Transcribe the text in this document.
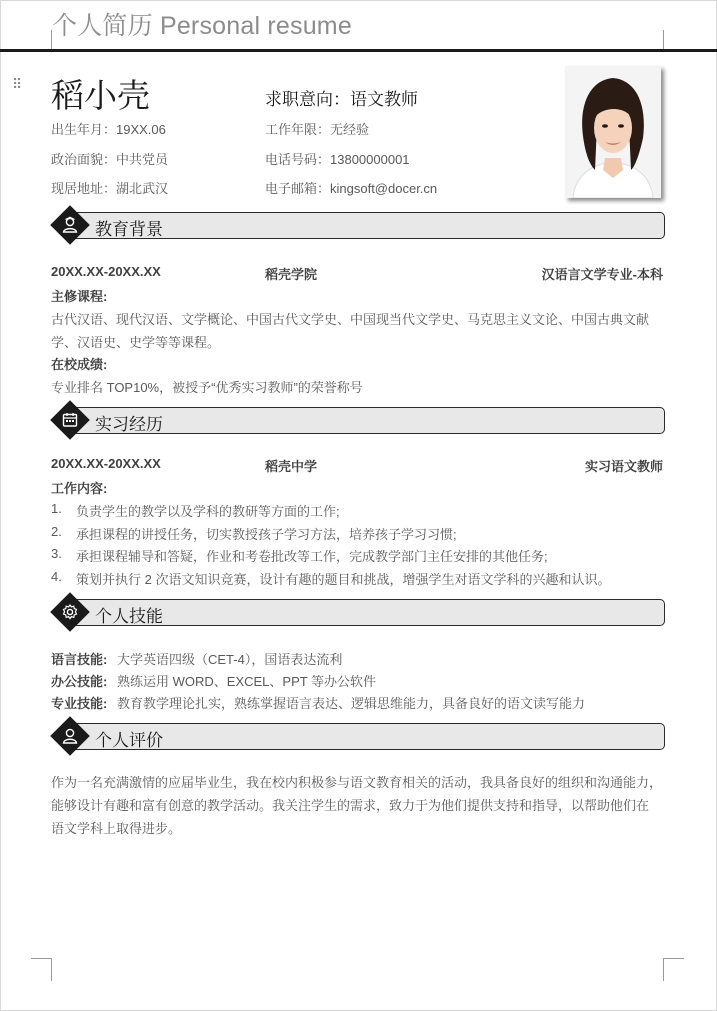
个人简历 Personal resume
⠿ 稻小壳	求职意向：语文教师
出生年月：19XX.06	工作年限：无经验
政治面貌：中共党员	电话号码：13800000001
现居地址：湖北武汉	电子邮箱：kingsoft@docer.cn
教育背景
20XX.XX-20XX.XX	稻壳学院	汉语言文学专业-本科
主修课程:
古代汉语、现代汉语、文学概论、中国古代文学史、中国现当代文学史、马克思主义文论、中国古典文献
学、汉语史、史学等等课程。
在校成绩:
专业排名 TOP10%，被授予“优秀实习教师”的荣誉称号
实习经历
20XX.XX-20XX.XX	稻壳中学	实习语文教师
工作内容:
1. 负责学生的教学以及学科的教研等方面的工作;
2. 承担课程的讲授任务，切实教授孩子学习方法，培养孩子学习习惯;
3. 承担课程辅导和答疑，作业和考卷批改等工作，完成教学部门主任安排的其他任务;
4. 策划并执行 2 次语文知识竞赛，设计有趣的题目和挑战，增强学生对语文学科的兴趣和认识。
个人技能
语言技能: 大学英语四级（CET-4），国语表达流利
办公技能: 熟练运用 WORD、EXCEL、PPT 等办公软件
专业技能: 教育教学理论扎实，熟练掌握语言表达、逻辑思维能力，具备良好的语文读写能力
个人评价
作为一名充满激情的应届毕业生，我在校内积极参与语文教育相关的活动，我具备良好的组织和沟通能力，
能够设计有趣和富有创意的教学活动。我关注学生的需求，致力于为他们提供支持和指导，以帮助他们在
语文学科上取得进步。
